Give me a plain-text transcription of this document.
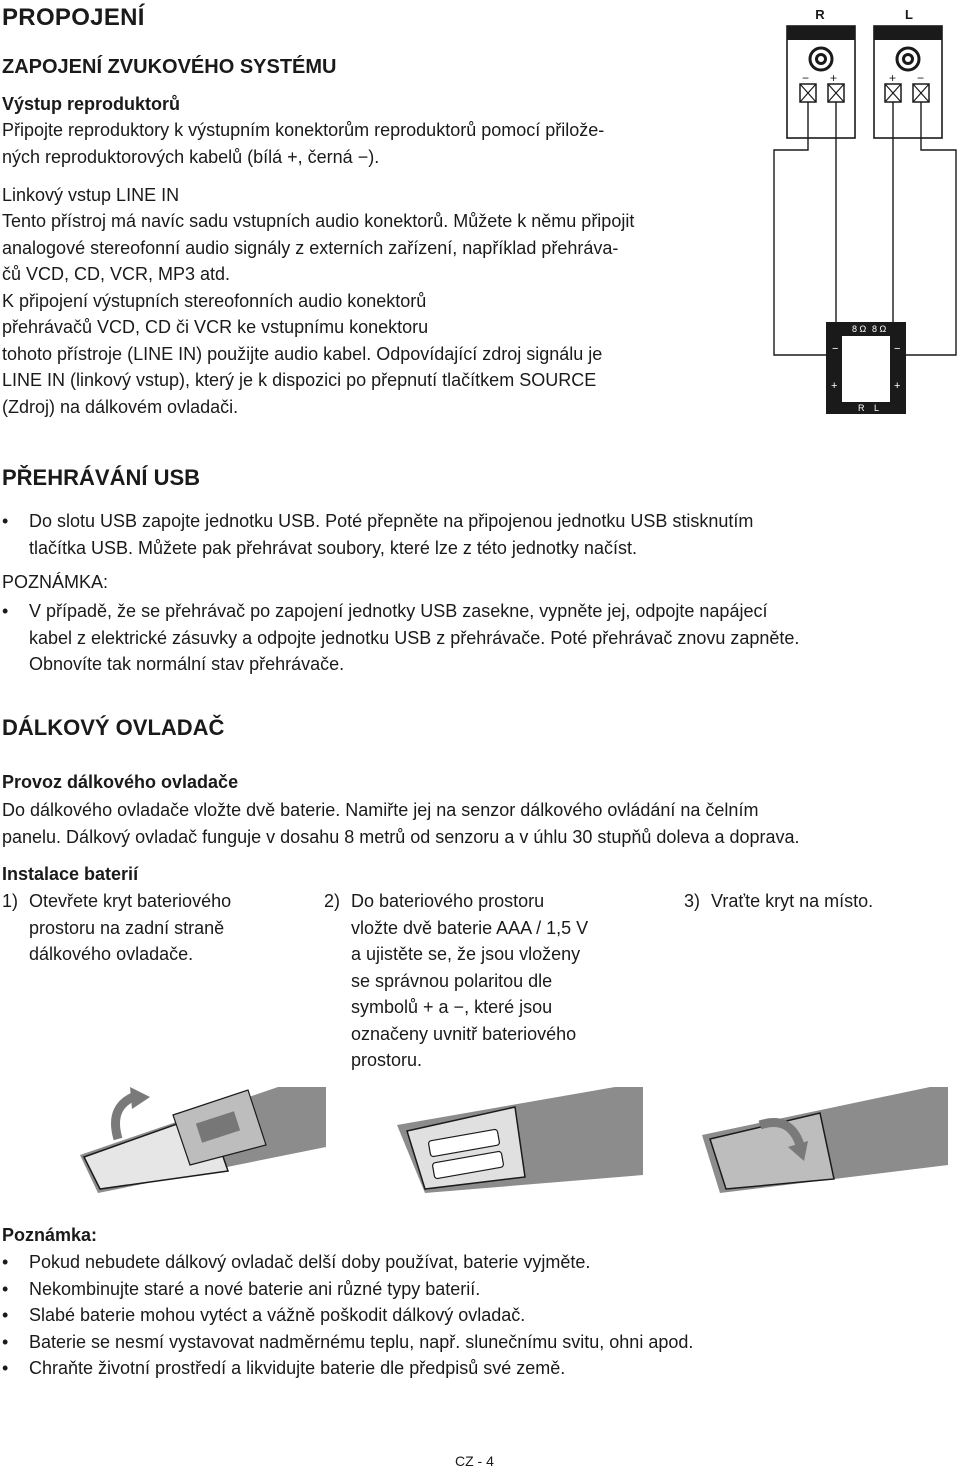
PROPOJENÍ
ZAPOJENÍ ZVUKOVÉHO SYSTÉMU
Výstup reproduktorů
Připojte reproduktory k výstupním konektorům reproduktorů pomocí přilože-
ných reproduktorových kabelů (bílá +, černá −).
Linkový vstup LINE IN
Tento přístroj má navíc sadu vstupních audio konektorů. Můžete k němu připojit
analogové stereofonní audio signály z externích zařízení, například přehráva-
čů VCD, CD, VCR, MP3 atd.
K připojení výstupních stereofonních audio konektorů
přehrávačů VCD, CD či VCR ke vstupnímu konektoru
tohoto přístroje (LINE IN) použijte audio kabel. Odpovídající zdroj signálu je
LINE IN (linkový vstup), který je k dispozici po přepnutí tlačítkem SOURCE
(Zdroj) na dálkovém ovladači.
R	L
− +	+ −
8 Ω 8 Ω
−	−
+	+
R L
PŘEHRÁVÁNÍ USB
• Do slotu USB zapojte jednotku USB. Poté přepněte na připojenou jednotku USB stisknutím
tlačítka USB. Můžete pak přehrávat soubory, které lze z této jednotky načíst.
POZNÁMKA:
• V případě, že se přehrávač po zapojení jednotky USB zasekne, vypněte jej, odpojte napájecí
kabel z elektrické zásuvky a odpojte jednotku USB z přehrávače. Poté přehrávač znovu zapněte.
Obnovíte tak normální stav přehrávače.
DÁLKOVÝ OVLADAČ
Provoz dálkového ovladače
Do dálkového ovladače vložte dvě baterie. Namiřte jej na senzor dálkového ovládání na čelním
panelu. Dálkový ovladač funguje v dosahu 8 metrů od senzoru a v úhlu 30 stupňů doleva a doprava.
Instalace baterií
1) Otevřete kryt bateriového
prostoru na zadní straně
dálkového ovladače.
2) Do bateriového prostoru
vložte dvě baterie AAA / 1,5 V
a ujistěte se, že jsou vloženy
se správnou polaritou dle
symbolů + a −, které jsou
označeny uvnitř bateriového
prostoru.
3) Vraťte kryt na místo.
Poznámka:
• Pokud nebudete dálkový ovladač delší doby používat, baterie vyjměte.
• Nekombinujte staré a nové baterie ani různé typy baterií.
• Slabé baterie mohou vytéct a vážně poškodit dálkový ovladač.
• Baterie se nesmí vystavovat nadměrnému teplu, např. slunečnímu svitu, ohni apod.
• Chraňte životní prostředí a likvidujte baterie dle předpisů své země.
CZ - 4
